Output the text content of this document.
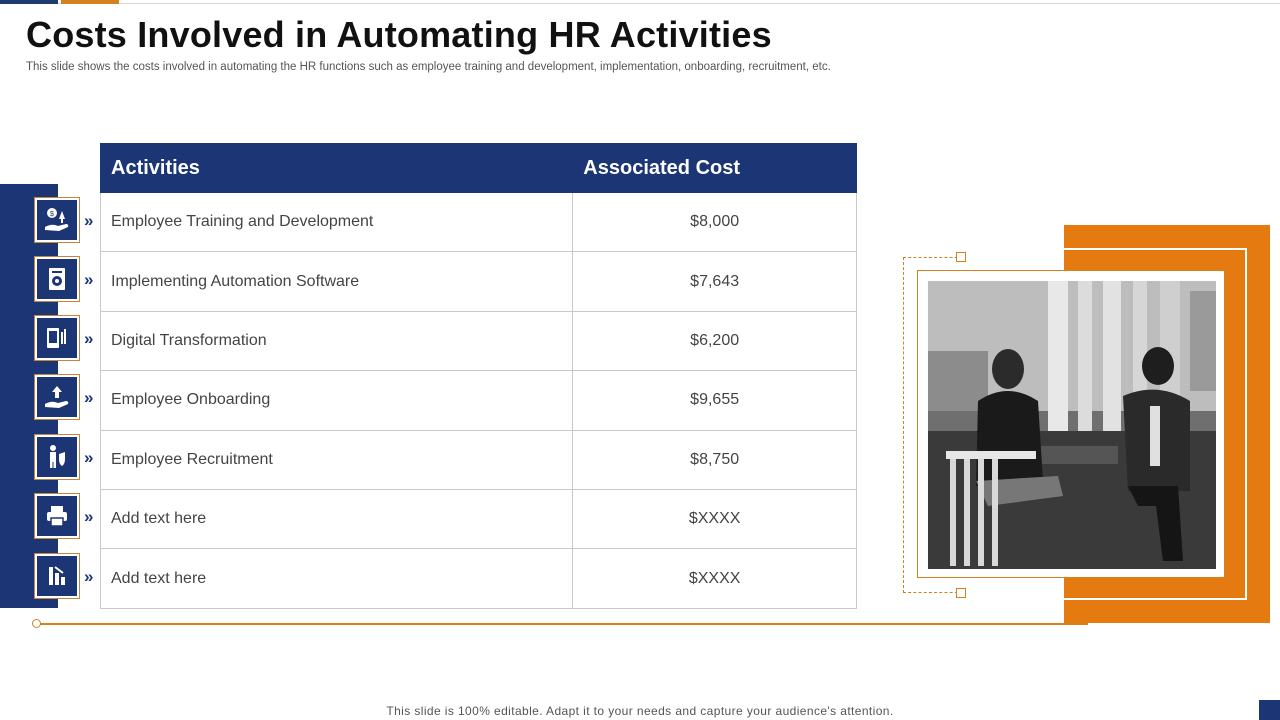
Costs Involved in Automating HR Activities
This slide shows the costs involved in automating the HR functions such as employee training and development, implementation, onboarding, recruitment, etc.
$ »
»
»
»
»
»
»
Activities	Associated Cost
Employee Training and Development	$8,000
Implementing Automation Software	$7,643
Digital Transformation	$6,200
Employee Onboarding	$9,655
Employee Recruitment	$8,750
Add text here	$XXXX
Add text here	$XXXX
This slide is 100% editable. Adapt it to your needs and capture your audience's attention.
